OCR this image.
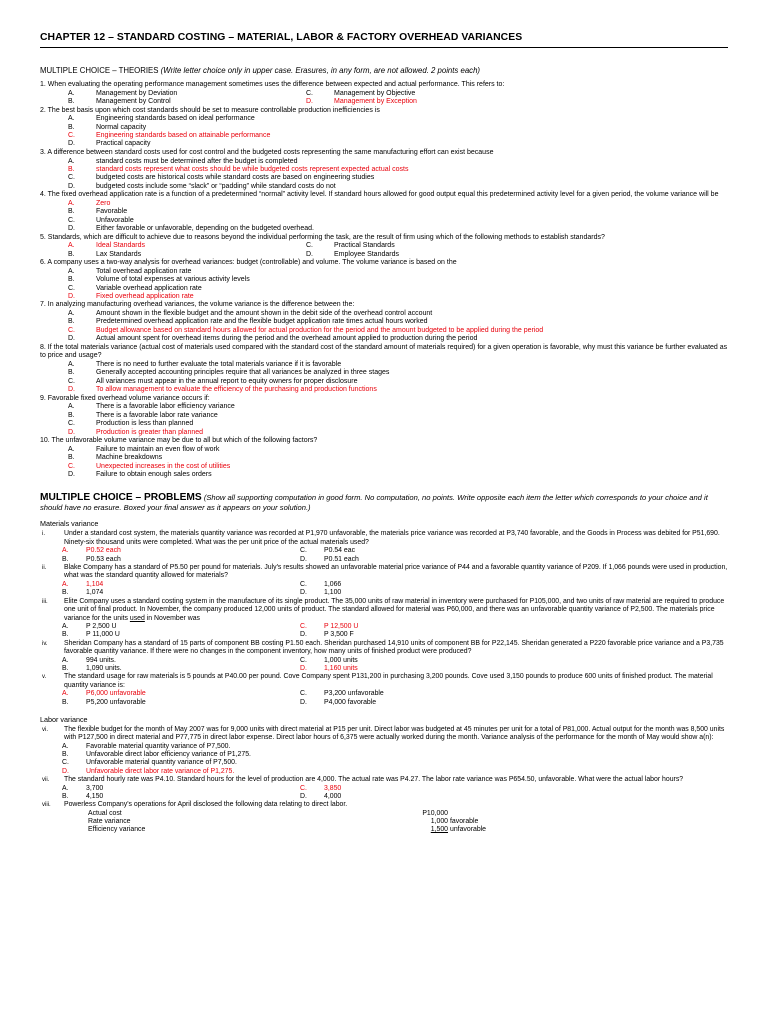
CHAPTER 12 – STANDARD COSTING – MATERIAL, LABOR & FACTORY OVERHEAD VARIANCES
MULTIPLE CHOICE – THEORIES (Write letter choice only in upper case. Erasures, in any form, are not allowed. 2 points each)
1. When evaluating the operating performance management sometimes uses the difference between expected and actual performance. This refers to:
A.	Management by Deviation	C.	Management by Objective
B.	Management by Control	D.	Management by Exception
2. The best basis upon which cost standards should be set to measure controllable production inefficiencies is
A.	Engineering standards based on ideal performance
B.	Normal capacity
C.	Engineering standards based on attainable performance
D.	Practical capacity
3. A difference between standard costs used for cost control and the budgeted costs representing the same manufacturing effort can exist because
A.	standard costs must be determined after the budget is completed
B.	standard costs represent what costs should be while budgeted costs represent expected actual costs
C.	budgeted costs are historical costs while standard costs are based on engineering studies
D.	budgeted costs include some “slack” or “padding” while standard costs do not
4. The fixed overhead application rate is a function of a predetermined “normal” activity level. If standard hours allowed for good output equal this predetermined activity level for a given period, the volume variance will be
A.	Zero
B.	Favorable
C.	Unfavorable
D.	Either favorable or unfavorable, depending on the budgeted overhead.
5. Standards, which are difficult to achieve due to reasons beyond the individual performing the task, are the result of firm using which of the following methods to establish standards?
A.	Ideal Standards	C.	Practical Standards
B.	Lax Standards	D.	Employee Standards
6. A company uses a two-way analysis for overhead variances: budget (controllable) and volume. The volume variance is based on the
A.	Total overhead application rate
B.	Volume of total expenses at various activity levels
C.	Variable overhead application rate
D.	Fixed overhead application rate
7. In analyzing manufacturing overhead variances, the volume variance is the difference between the:
A.	Amount shown in the flexible budget and the amount shown in the debit side of the overhead control account
B.	Predetermined overhead application rate and the flexible budget application rate times actual hours worked
C.	Budget allowance based on standard hours allowed for actual production for the period and the amount budgeted to be applied during the period
D.	Actual amount spent for overhead items during the period and the overhead amount applied to production during the period
8. If the total materials variance (actual cost of materials used compared with the standard cost of the standard amount of materials required) for a given operation is favorable, why must this variance be further evaluated as to price and usage?
A.	There is no need to further evaluate the total materials variance if it is favorable
B.	Generally accepted accounting principles require that all variances be analyzed in three stages
C.	All variances must appear in the annual report to equity owners for proper disclosure
D.	To allow management to evaluate the efficiency of the purchasing and production functions
9. Favorable fixed overhead volume variance occurs if:
A.	There is a favorable labor efficiency variance
B.	There is a favorable labor rate variance
C.	Production is less than planned
D.	Production is greater than planned
10. The unfavorable volume variance may be due to all but which of the following factors?
A.	Failure to maintain an even flow of work
B.	Machine breakdowns
C.	Unexpected increases in the cost of utilities
D.	Failure to obtain enough sales orders
MULTIPLE CHOICE – PROBLEMS (Show all supporting computation in good form. No computation, no points. Write opposite each item the letter which corresponds to your choice and it should have no erasure. Boxed your final answer as it appears on your solution.)
Materials variance
i.	Under a standard cost system, the materials quantity variance was recorded at P1,970 unfavorable, the materials price variance was recorded at P3,740 favorable, and the Goods in Process was debited for P51,690. Ninety-six thousand units were completed. What was the per unit price of the actual materials used?
A.	P0.52 each	C.	P0.54 eac
B.	P0.53 each	D.	P0.51 each
ii.	Blake Company has a standard of P5.50 per pound for materials. July's results showed an unfavorable material price variance of P44 and a favorable quantity variance of P209. If 1,066 pounds were used in production, what was the standard quantity allowed for materials?
A.	1,104	C.	1,066
B.	1,074	D.	1,100
iii.	Elite Company uses a standard costing system in the manufacture of its single product. The 35,000 units of raw material in inventory were purchased for P105,000, and two units of raw material are required to produce one unit of final product. In November, the company produced 12,000 units of product. The standard allowed for material was P60,000, and there was an unfavorable quantity variance of P2,500. The materials price variance for the units used in November was
A.	P 2,500 U	C.	P 12,500 U
B.	P 11,000 U	D.	P 3,500 F
iv.	Sheridan Company has a standard of 15 parts of component BB costing P1.50 each. Sheridan purchased 14,910 units of component BB for P22,145. Sheridan generated a P220 favorable price variance and a P3,735 favorable quantity variance. If there were no changes in the component inventory, how many units of finished product were produced?
A.	994 units.	C.	1,000 units
B.	1,090 units.	D.	1,160 units
v.	The standard usage for raw materials is 5 pounds at P40.00 per pound. Cove Company spent P131,200 in purchasing 3,200 pounds. Cove used 3,150 pounds to produce 600 units of finished product. The material quantity variance is:
A.	P6,000 unfavorable	C.	P3,200 unfavorable
B.	P5,200 unfavorable	D.	P4,000 favorable
Labor variance
vi.	The flexible budget for the month of May 2007 was for 9,000 units with direct material at P15 per unit. Direct labor was budgeted at 45 minutes per unit for a total of P81,000. Actual output for the month was 8,500 units with P127,500 in direct material and P77,775 in direct labor expense. Direct labor hours of 6,375 were actually worked during the month. Variance analysis of the performance for the month of May would show a(n):
A.	Favorable material quantity variance of P7,500.
B.	Unfavorable direct labor efficiency variance of P1,275.
C.	Unfavorable material quantity variance of P7,500.
D.	Unfavorable direct labor rate variance of P1,275.
vii.	The standard hourly rate was P4.10. Standard hours for the level of production are 4,000. The actual rate was P4.27. The labor rate variance was P654.50, unfavorable. What were the actual labor hours?
A.	3,700	C.	3,850
B.	4,150	D.	4,000
viii.	Powerless Company's operations for April disclosed the following data relating to direct labor.
Actual cost	P10,000
Rate variance	1,000 favorable
Efficiency variance	1,500 unfavorable
